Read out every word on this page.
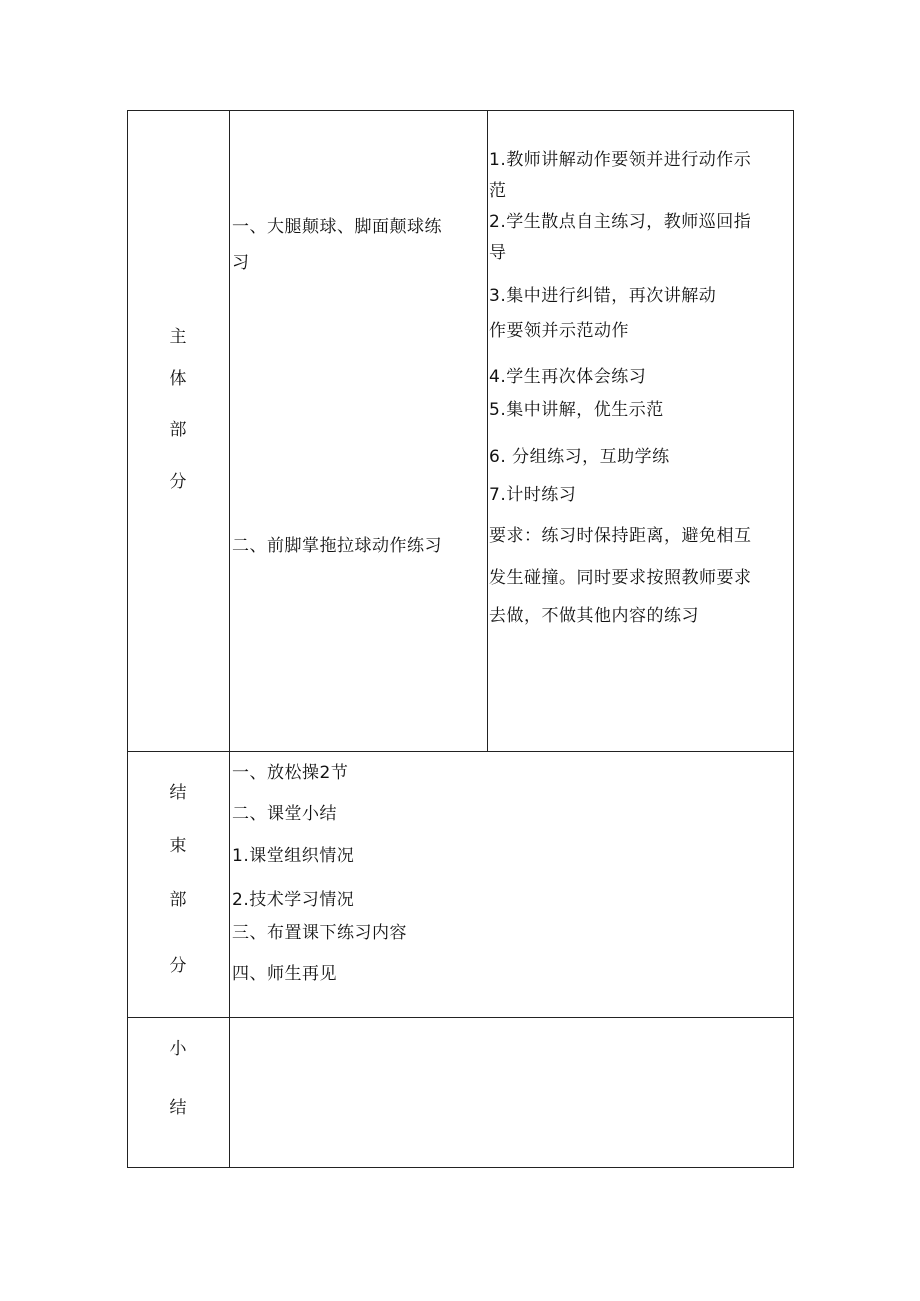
主
体
部
分
一、大腿颠球、脚面颠球练
习
二、前脚掌拖拉球动作练习
1.教师讲解动作要领并进行动作示
范
2.学生散点自主练习，教师巡回指
导
3.集中进行纠错，再次讲解动
作要领并示范动作
4.学生再次体会练习
5.集中讲解，优生示范
6. 分组练习，互助学练
7.计时练习
要求：练习时保持距离，避免相互
发生碰撞。同时要求按照教师要求
去做，不做其他内容的练习
结
束
部
分
一、放松操2节
二、课堂小结
1.课堂组织情况
2.技术学习情况
三、布置课下练习内容
四、师生再见
小
结
